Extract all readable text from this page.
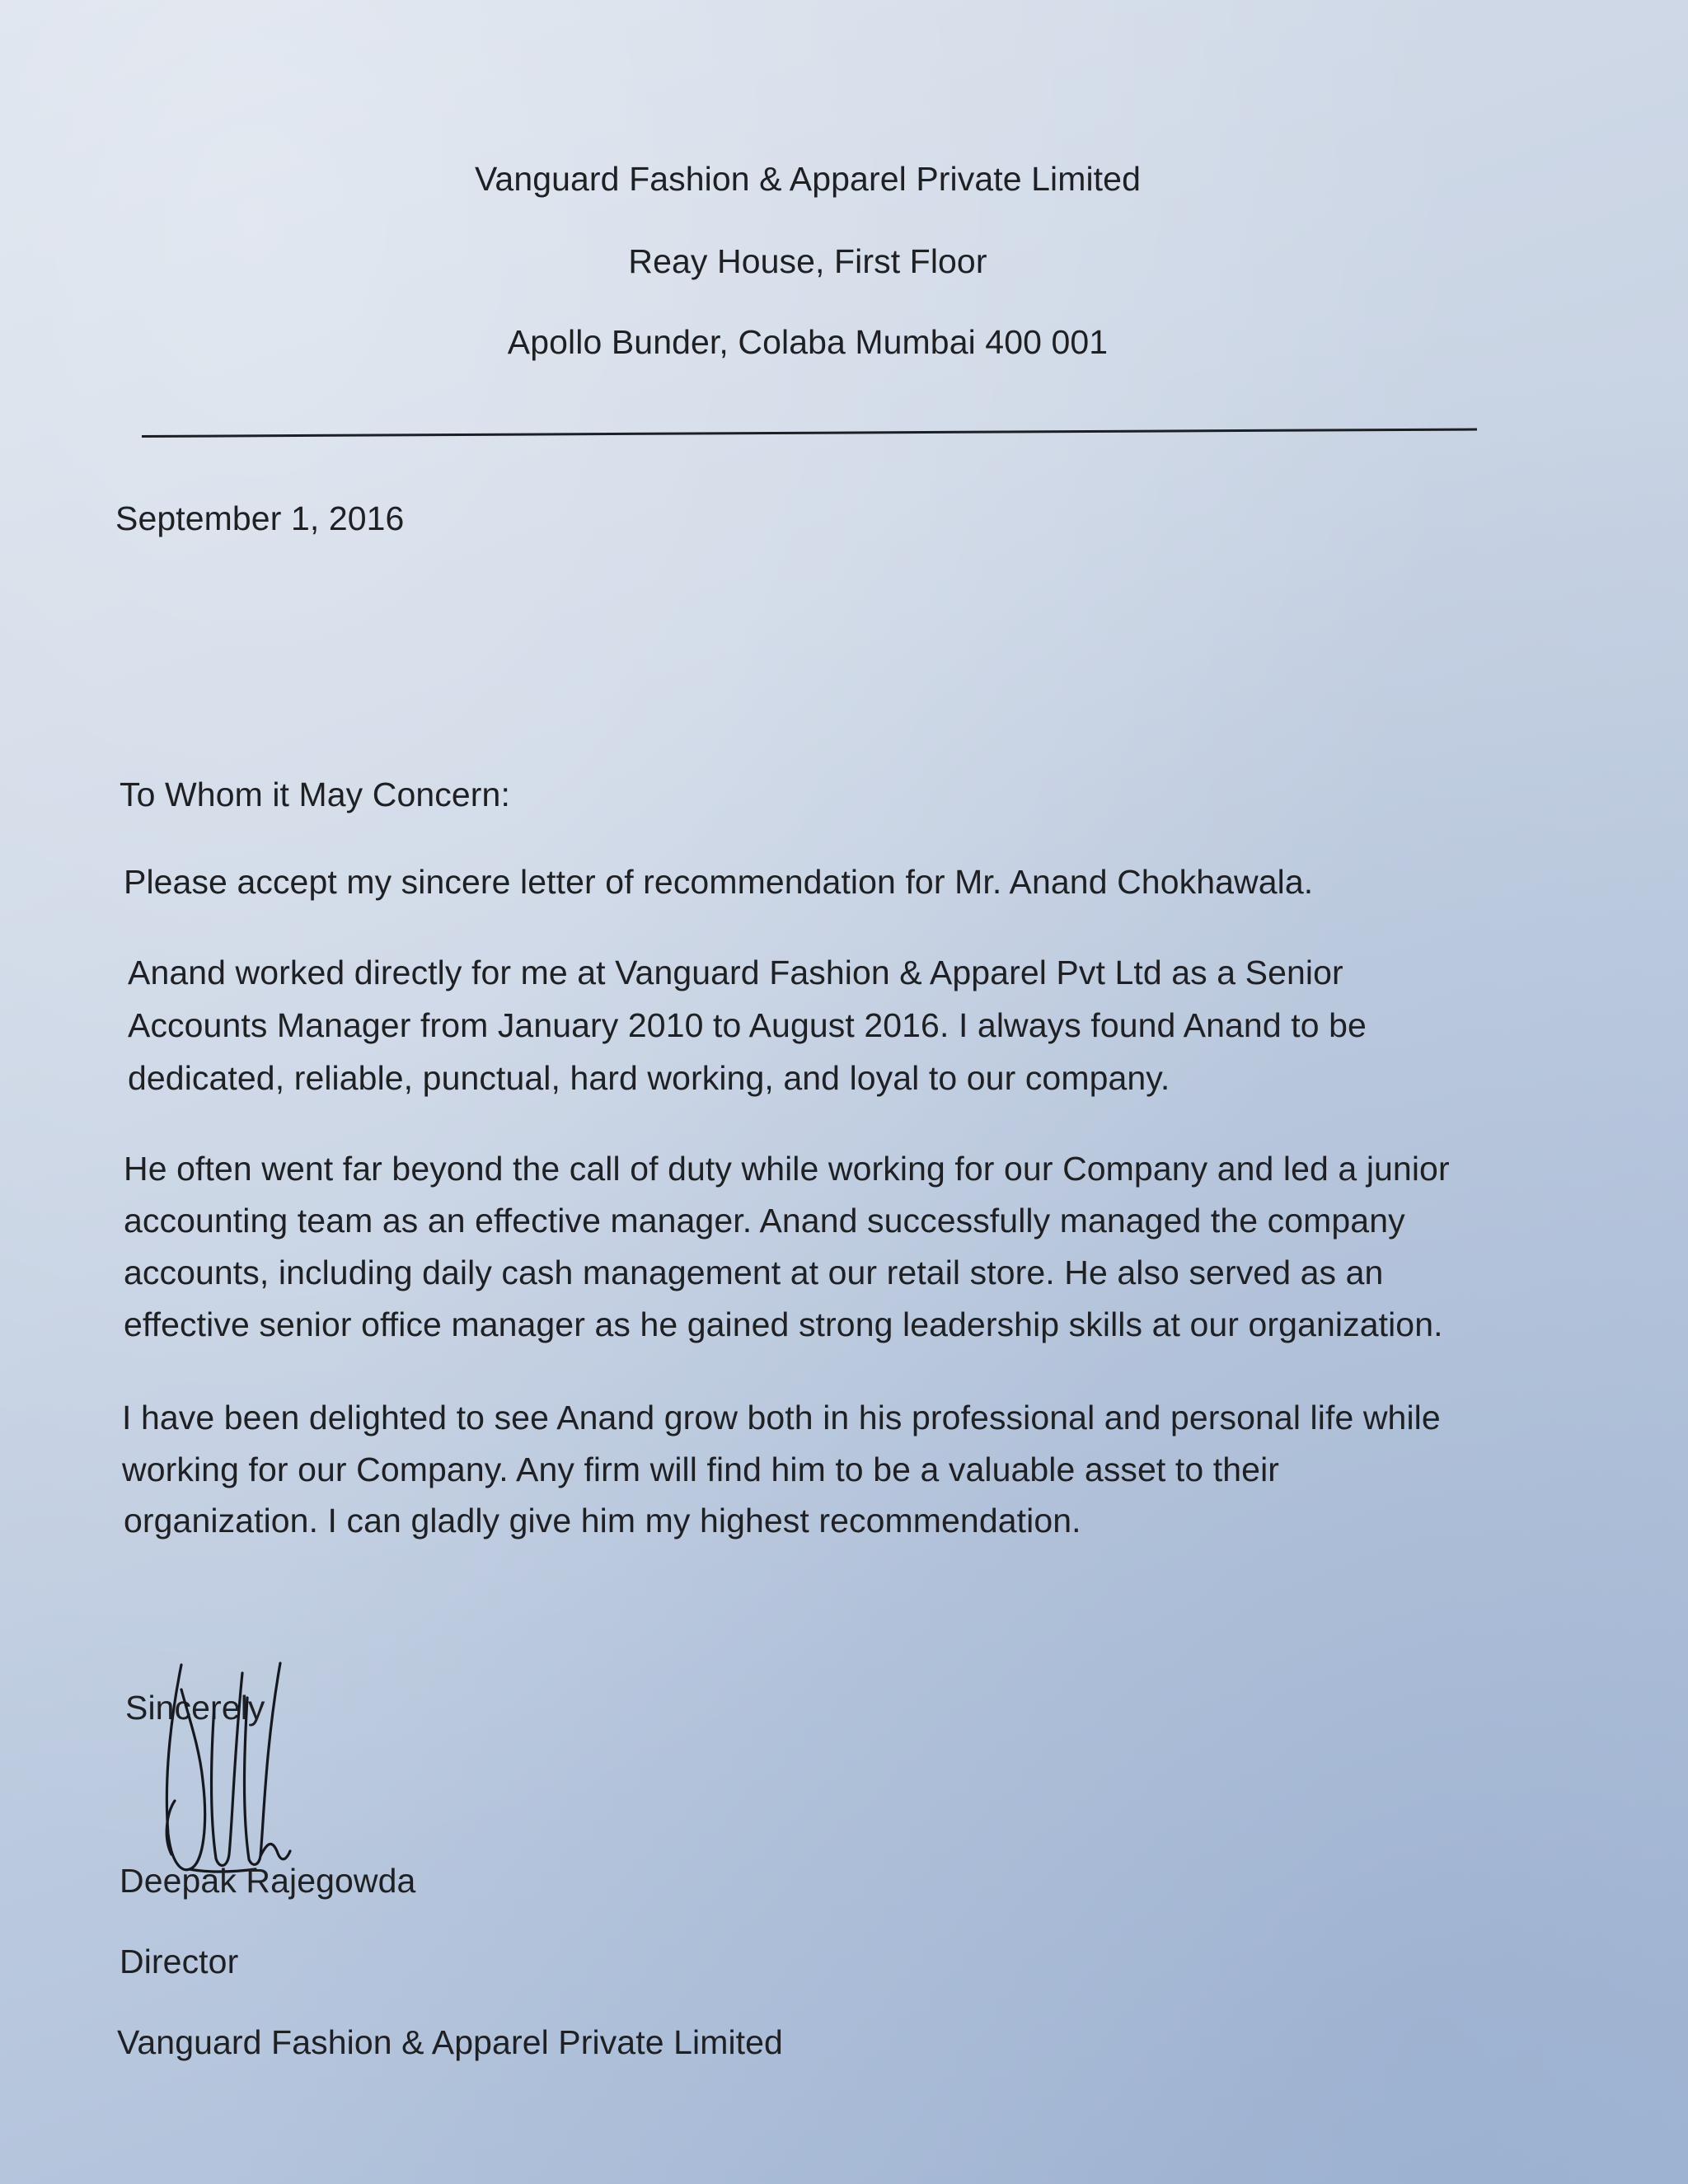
Vanguard Fashion & Apparel Private Limited
Reay House, First Floor
Apollo Bunder, Colaba Mumbai 400 001
September 1, 2016
To Whom it May Concern:
Please accept my sincere letter of recommendation for Mr. Anand Chokhawala.
Anand worked directly for me at Vanguard Fashion & Apparel Pvt Ltd as a Senior
Accounts Manager from January 2010 to August 2016. I always found Anand to be
dedicated, reliable, punctual, hard working, and loyal to our company.
He often went far beyond the call of duty while working for our Company and led a junior
accounting team as an effective manager. Anand successfully managed the company
accounts, including daily cash management at our retail store. He also served as an
effective senior office manager as he gained strong leadership skills at our organization.
I have been delighted to see Anand grow both in his professional and personal life while
working for our Company. Any firm will find him to be a valuable asset to their
organization. I can gladly give him my highest recommendation.
Sincerely
Deepak Rajegowda
Director
Vanguard Fashion & Apparel Private Limited
